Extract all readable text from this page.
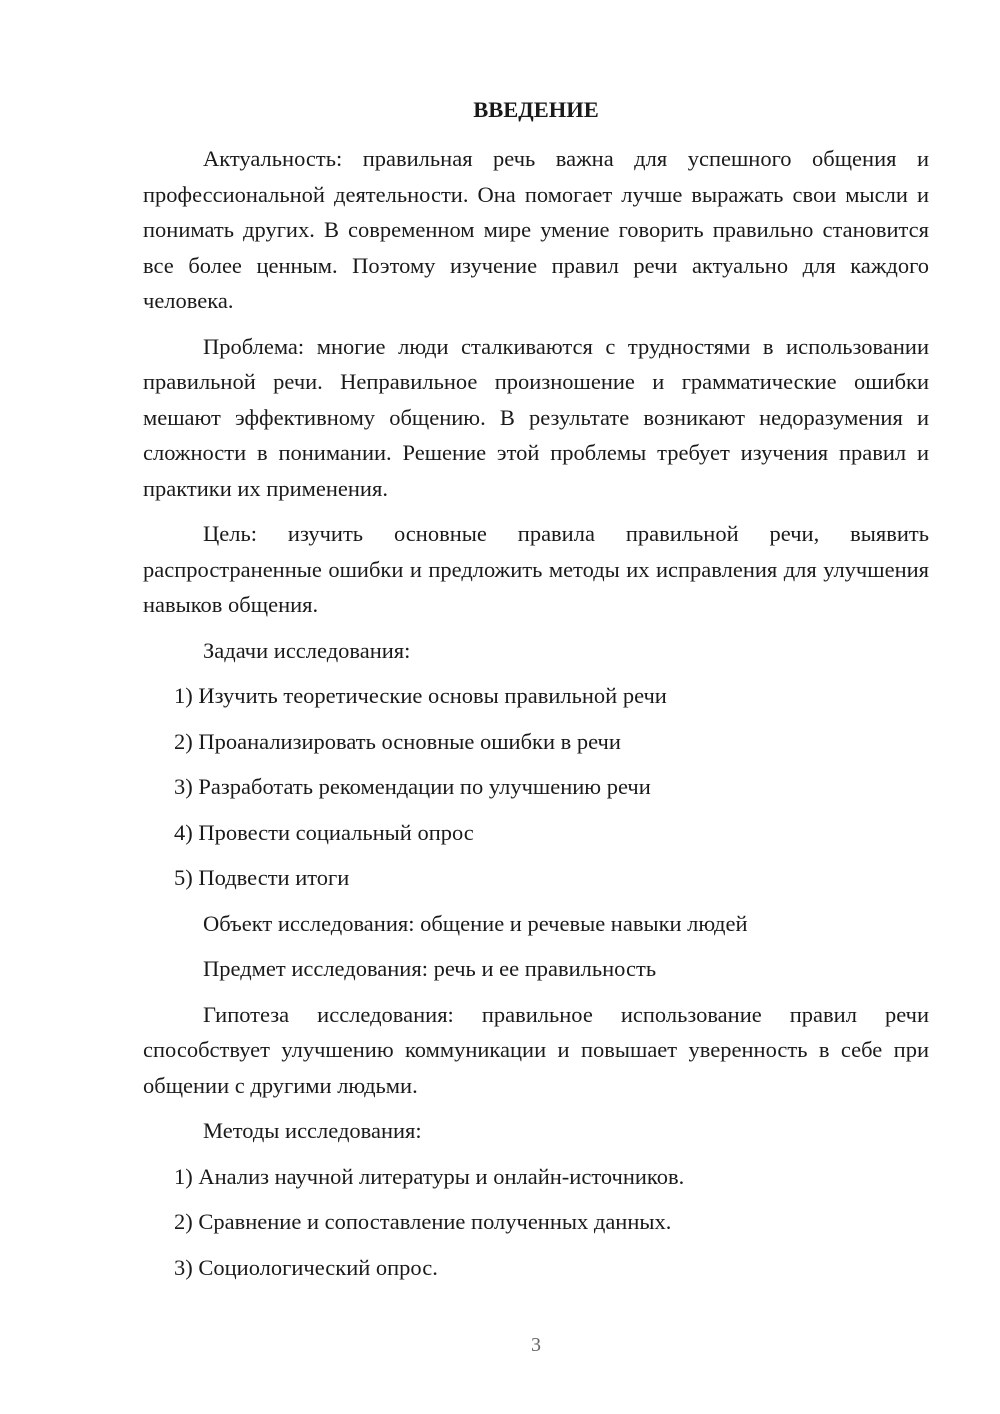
ВВЕДЕНИЕ

Актуальность: правильная речь важна для успешного общения и профессиональной деятельности. Она помогает лучше выражать свои мысли и понимать других. В современном мире умение говорить правильно становится все более ценным. Поэтому изучение правил речи актуально для каждого человека.

Проблема: многие люди сталкиваются с трудностями в использовании правильной речи. Неправильное произношение и грамматические ошибки мешают эффективному общению. В результате возникают недоразумения и сложности в понимании. Решение этой проблемы требует изучения правил и практики их применения.

Цель: изучить основные правила правильной речи, выявить распространенные ошибки и предложить методы их исправления для улучшения навыков общения.

Задачи исследования:

1) Изучить теоретические основы правильной речи

2) Проанализировать основные ошибки в речи

3) Разработать рекомендации по улучшению речи

4) Провести социальный опрос

5) Подвести итоги

Объект исследования: общение и речевые навыки людей

Предмет исследования: речь и ее правильность

Гипотеза исследования: правильное использование правил речи способствует улучшению коммуникации и повышает уверенность в себе при общении с другими людьми.

Методы исследования:

1) Анализ научной литературы и онлайн-источников.

2) Сравнение и сопоставление полученных данных.

3) Социологический опрос.

3
